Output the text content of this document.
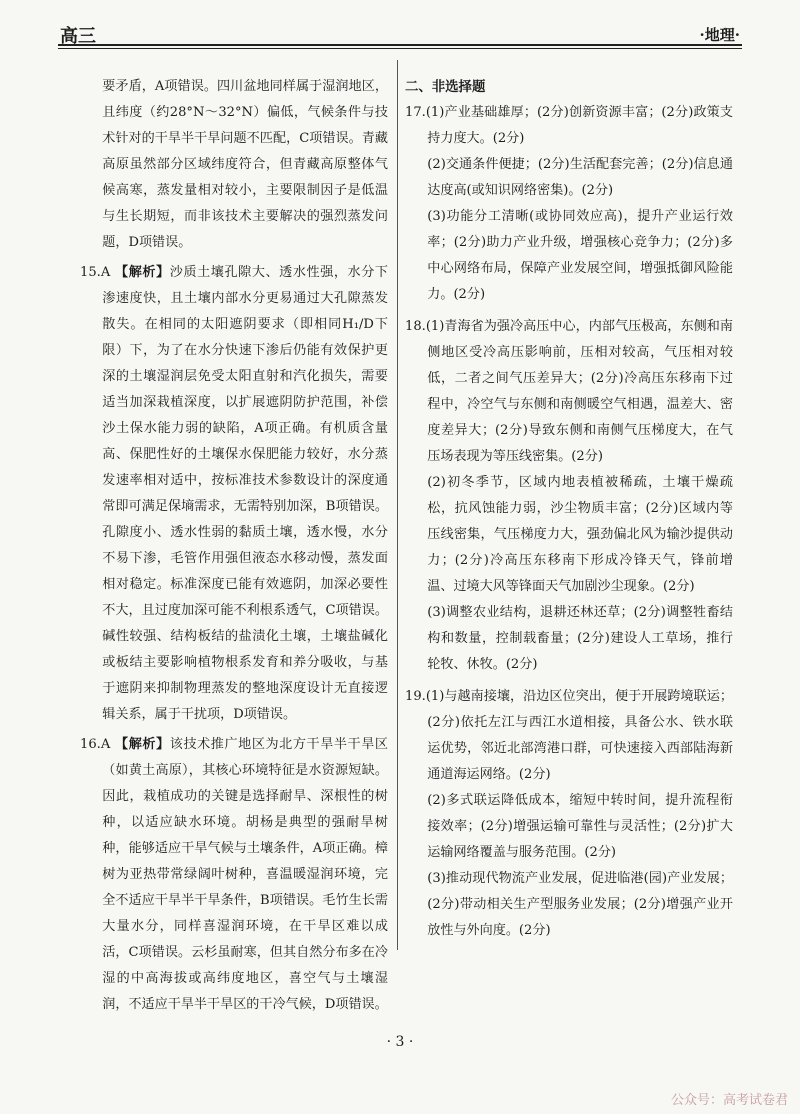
高三	·地理·

要矛盾，A项错误。四川盆地同样属于湿润地区，且纬度（约28°N～32°N）偏低，气候条件与技术针对的干旱半干旱问题不匹配，C项错误。青藏高原虽然部分区域纬度符合，但青藏高原整体气候高寒，蒸发量相对较小，主要限制因子是低温与生长期短，而非该技术主要解决的强烈蒸发问题，D项错误。

15.A 【解析】沙质土壤孔隙大、透水性强，水分下渗速度快，且土壤内部水分更易通过大孔隙蒸发散失。在相同的太阳遮阴要求（即相同H₁/D下限）下，为了在水分快速下渗后仍能有效保护更深的土壤湿润层免受太阳直射和汽化损失，需要适当加深栽植深度，以扩展遮阴防护范围，补偿沙土保水能力弱的缺陷，A项正确。有机质含量高、保肥性好的土壤保水保肥能力较好，水分蒸发速率相对适中，按标准技术参数设计的深度通常即可满足保墒需求，无需特别加深，B项错误。孔隙度小、透水性弱的黏质土壤，透水慢，水分不易下渗，毛管作用强但液态水移动慢，蒸发面相对稳定。标准深度已能有效遮阴，加深必要性不大，且过度加深可能不利根系透气，C项错误。碱性较强、结构板结的盐渍化土壤，土壤盐碱化或板结主要影响植物根系发育和养分吸收，与基于遮阴来抑制物理蒸发的整地深度设计无直接逻辑关系，属于干扰项，D项错误。

16.A 【解析】该技术推广地区为北方干旱半干旱区（如黄土高原），其核心环境特征是水资源短缺。因此，栽植成功的关键是选择耐旱、深根性的树种，以适应缺水环境。胡杨是典型的强耐旱树种，能够适应干旱气候与土壤条件，A项正确。樟树为亚热带常绿阔叶树种，喜温暖湿润环境，完全不适应干旱半干旱条件，B项错误。毛竹生长需大量水分，同样喜湿润环境，在干旱区难以成活，C项错误。云杉虽耐寒，但其自然分布多在冷湿的中高海拔或高纬度地区，喜空气与土壤湿润，不适应干旱半干旱区的干冷气候，D项错误。

二、非选择题

17.(1)产业基础雄厚；(2分)创新资源丰富；(2分)政策支持力度大。(2分)

(2)交通条件便捷；(2分)生活配套完善；(2分)信息通达度高(或知识网络密集)。(2分)

(3)功能分工清晰(或协同效应高)，提升产业运行效率；(2分)助力产业升级，增强核心竞争力；(2分)多中心网络布局，保障产业发展空间，增强抵御风险能力。(2分)

18.(1)青海省为强冷高压中心，内部气压极高，东侧和南侧地区受冷高压影响前，压相对较高，气压相对较低，二者之间气压差异大；(2分)冷高压东移南下过程中，冷空气与东侧和南侧暖空气相遇，温差大、密度差异大；(2分)导致东侧和南侧气压梯度大，在气压场表现为等压线密集。(2分)

(2)初冬季节，区域内地表植被稀疏，土壤干燥疏松，抗风蚀能力弱，沙尘物质丰富；(2分)区域内等压线密集，气压梯度力大，强劲偏北风为输沙提供动力；(2分)冷高压东移南下形成冷锋天气，锋前增温、过境大风等锋面天气加剧沙尘现象。(2分)

(3)调整农业结构，退耕还林还草；(2分)调整牲畜结构和数量，控制载畜量；(2分)建设人工草场，推行轮牧、休牧。(2分)

19.(1)与越南接壤，沿边区位突出，便于开展跨境联运；(2分)依托左江与西江水道相接，具备公水、铁水联运优势，邻近北部湾港口群，可快速接入西部陆海新通道海运网络。(2分)

(2)多式联运降低成本，缩短中转时间，提升流程衔接效率；(2分)增强运输可靠性与灵活性；(2分)扩大运输网络覆盖与服务范围。(2分)

(3)推动现代物流产业发展，促进临港(园)产业发展；(2分)带动相关生产型服务业发展；(2分)增强产业开放性与外向度。(2分)

· 3 ·
公众号：高考试卷君
